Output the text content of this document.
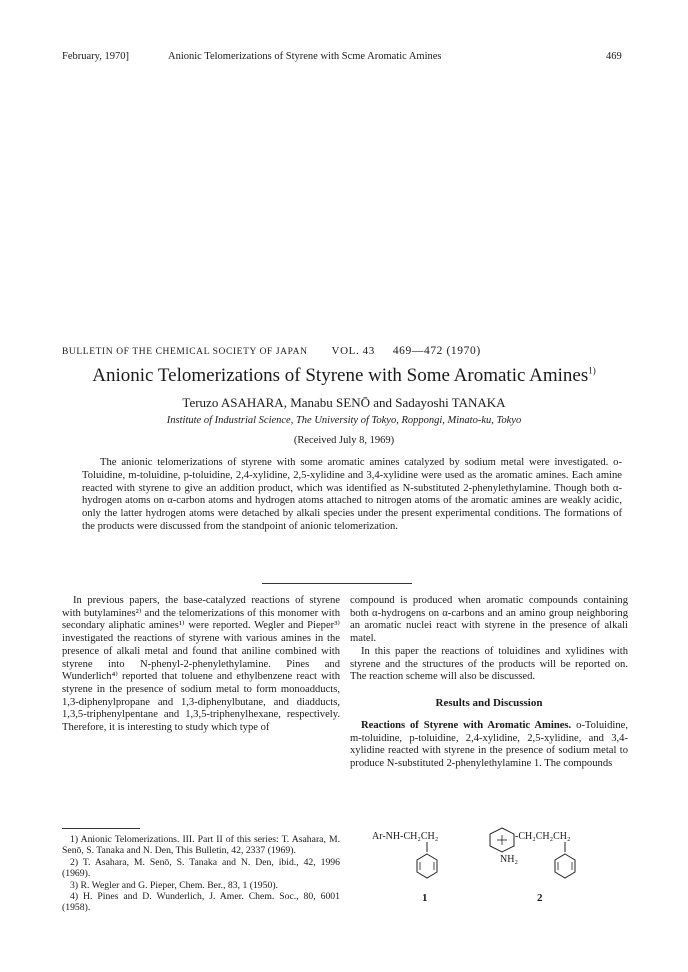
February, 1970]	Anionic Telomerizations of Styrene with Scme Aromatic Amines	469
BULLETIN OF THE CHEMICAL SOCIETY OF JAPAN VOL. 43 469—472 (1970)
Anionic Telomerizations of Styrene with Some Aromatic Amines$^{1)}$
Teruzo ASAHARA, Manabu SENŌ and Sadayoshi TANAKA
Institute of Industrial Science, The University of Tokyo, Roppongi, Minato-ku, Tokyo
(Received July 8, 1969)
The anionic telomerizations of styrene with some aromatic amines catalyzed by sodium metal were investigated. o-Toluidine, m-toluidine, p-toluidine, 2,4-xylidine, 2,5-xylidine and 3,4-xylidine were used as the aromatic amines. Each amine reacted with styrene to give an addition product, which was identified as N-substituted 2-phenylethylamine. Though both α-hydrogen atoms on α-carbon atoms and hydrogen atoms attached to nitrogen atoms of the aromatic amines are weakly acidic, only the latter hydrogen atoms were detached by alkali species under the present experimental conditions. The formations of the products were discussed from the standpoint of anionic telomerization.

In previous papers, the base-catalyzed reactions of styrene with butylamines²⁾ and the telomerizations of this monomer with secondary aliphatic amines¹⁾ were reported. Wegler and Pieper³⁾ investigated the reactions of styrene with various amines in the presence of alkali metal and found that aniline combined with styrene into N-phenyl-2-phenylethylamine. Pines and Wunderlich⁴⁾ reported that toluene and ethylbenzene react with styrene in the presence of sodium metal to form monoadducts, 1,3-diphenylpropane and 1,3-diphenylbutane, and diadducts, 1,3,5-triphenylpentane and 1,3,5-triphenylhexane, respectively. Therefore, it is interesting to study which type of

1) Anionic Telomerizations. III. Part II of this series: T. Asahara, M. Senō, S. Tanaka and N. Den, This Bulletin, 42, 2337 (1969).
2) T. Asahara, M. Senō, S. Tanaka and N. Den, ibid., 42, 1996 (1969).
3) R. Wegler and G. Pieper, Chem. Ber., 83, 1 (1950).
4) H. Pines and D. Wunderlich, J. Amer. Chem. Soc., 80, 6001 (1958).

compound is produced when aromatic compounds containing both α-hydrogens on α-carbons and an amino group neighboring an aromatic nuclei react with styrene in the presence of alkali matel.

In this paper the reactions of toluidines and xylidines with styrene and the structures of the products will be reported on. The reaction scheme will also be discussed.

Results and Discussion

Reactions of Styrene with Aromatic Amines. o-Toluidine, m-toluidine, p-toluidine, 2,4-xylidine, 2,5-xylidine, and 3,4-xylidine reacted with styrene in the presence of sodium metal to produce N-substituted 2-phenylethylamine 1. The compounds

Ar-NH-CH₂CH₂
1
-CH₂CH₂CH₂
NH₂
2
